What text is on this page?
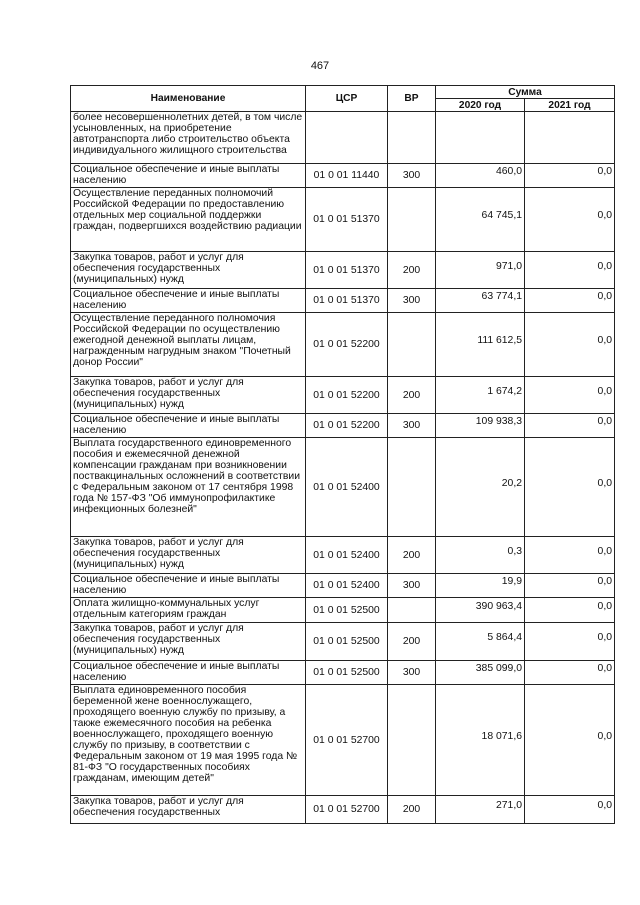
467
Наименование	ЦСР	ВР	Сумма	
			2020 год	2021 год
более несовершеннолетних детей, в том числе усыновленных, на приобретение автотранспорта либо строительство объекта индивидуального жилищного строительства				
Социальное обеспечение и иные выплаты населению	01 0 01 11440	300	460,0	0,0
Осуществление переданных полномочий Российской Федерации по предоставлению отдельных мер социальной поддержки граждан, подвергшихся воздействию радиации	01 0 01 51370		64 745,1	0,0
Закупка товаров, работ и услуг для обеспечения государственных (муниципальных) нужд	01 0 01 51370	200	971,0	0,0
Социальное обеспечение и иные выплаты населению	01 0 01 51370	300	63 774,1	0,0
Осуществление переданного полномочия Российской Федерации по осуществлению ежегодной денежной выплаты лицам, награжденным нагрудным знаком "Почетный донор России"	01 0 01 52200		111 612,5	0,0
Закупка товаров, работ и услуг для обеспечения государственных (муниципальных) нужд	01 0 01 52200	200	1 674,2	0,0
Социальное обеспечение и иные выплаты населению	01 0 01 52200	300	109 938,3	0,0
Выплата государственного единовременного пособия и ежемесячной денежной компенсации гражданам при возникновении поствакцинальных осложнений в соответствии с Федеральным законом от 17 сентября 1998 года № 157-ФЗ "Об иммунопрофилактике инфекционных болезней"	01 0 01 52400		20,2	0,0
Закупка товаров, работ и услуг для обеспечения государственных (муниципальных) нужд	01 0 01 52400	200	0,3	0,0
Социальное обеспечение и иные выплаты населению	01 0 01 52400	300	19,9	0,0
Оплата жилищно-коммунальных услуг отдельным категориям граждан	01 0 01 52500		390 963,4	0,0
Закупка товаров, работ и услуг для обеспечения государственных (муниципальных) нужд	01 0 01 52500	200	5 864,4	0,0
Социальное обеспечение и иные выплаты населению	01 0 01 52500	300	385 099,0	0,0
Выплата единовременного пособия беременной жене военнослужащего, проходящего военную службу по призыву, а также ежемесячного пособия на ребенка военнослужащего, проходящего военную службу по призыву, в соответствии с Федеральным законом от 19 мая 1995 года № 81-ФЗ "О государственных пособиях гражданам, имеющим детей"	01 0 01 52700		18 071,6	0,0
Закупка товаров, работ и услуг для обеспечения государственных	01 0 01 52700	200	271,0	0,0
